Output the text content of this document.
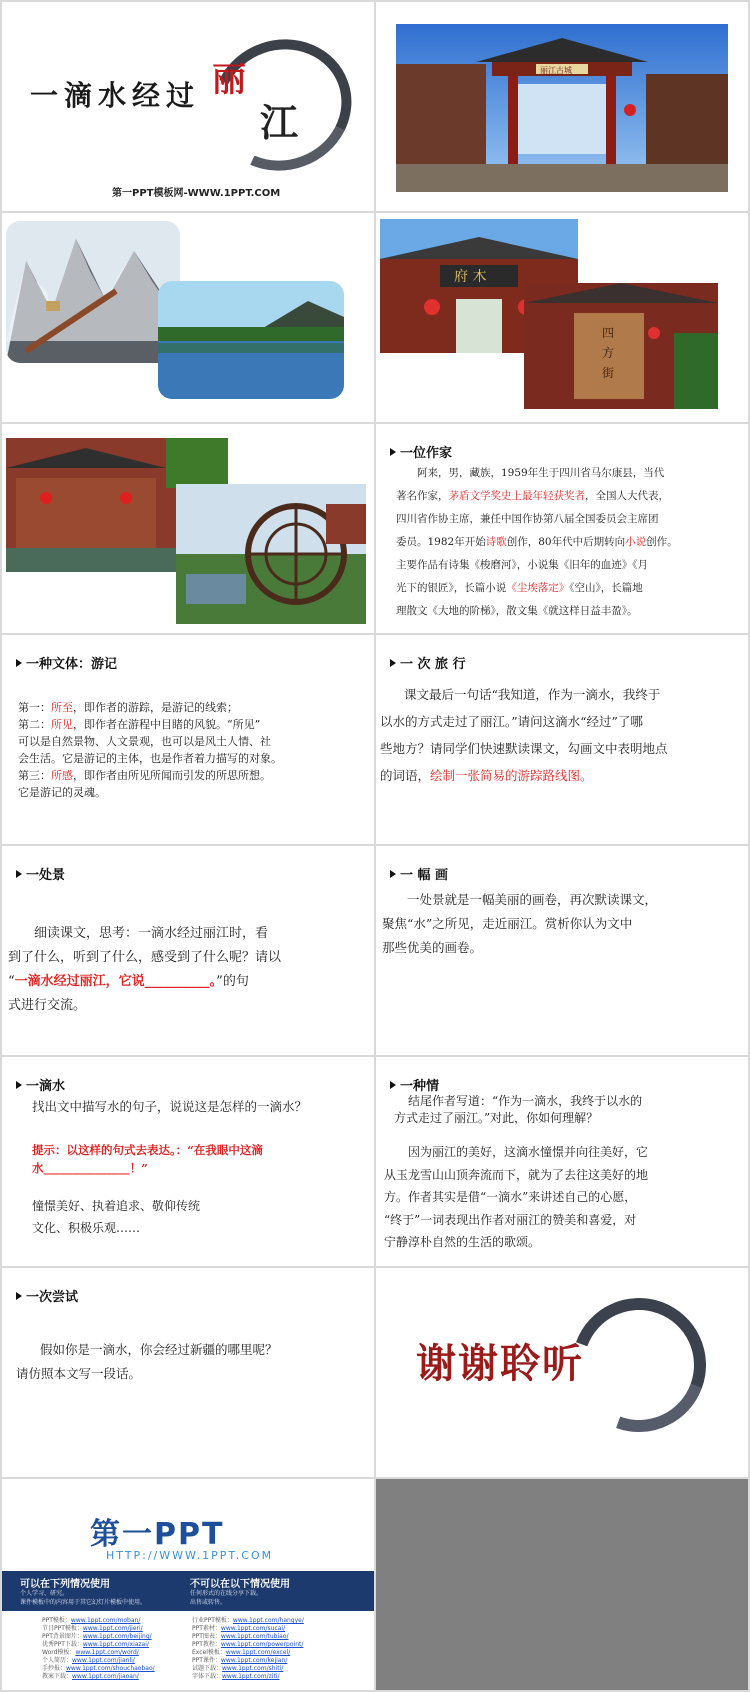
一滴水经过 丽
江
第一PPT模板网-WWW.1PPT.COM
丽江古城
府 木
四方街
一位作家
阿来，男，藏族，1959年生于四川省马尔康县，当代
著名作家，茅盾文学奖史上最年轻获奖者，全国人大代表，
四川省作协主席，兼任中国作协第八届全国委员会主席团
委员。1982年开始诗歌创作，80年代中后期转向小说创作。
主要作品有诗集《梭磨河》，小说集《旧年的血迹》《月
光下的银匠》，长篇小说《尘埃落定》《空山》，长篇地
理散文《大地的阶梯》，散文集《就这样日益丰盈》。
一种文体：游记
第一：所至，即作者的游踪，是游记的线索；
第二：所见，即作者在游程中目睹的风貌。“所见”
可以是自然景物、人文景观，也可以是风土人情、社
会生活。它是游记的主体，也是作者着力描写的对象。
第三：所感，即作者由所见所闻而引发的所思所想。
它是游记的灵魂。
一 次 旅 行
课文最后一句话“我知道，作为一滴水，我终于
以水的方式走过了丽江。”请问这滴水“经过”了哪
些地方？请同学们快速默读课文，勾画文中表明地点
的词语，绘制一张简易的游踪路线图。
一处景
细读课文，思考：一滴水经过丽江时，看
到了什么，听到了什么，感受到了什么呢？请以
“一滴水经过丽江，它说__________。”的句
式进行交流。
一 幅 画
一处景就是一幅美丽的画卷，再次默读课文，
聚焦“水”之所见，走近丽江。赏析你认为文中
那些优美的画卷。
一滴水
找出文中描写水的句子，说说这是怎样的一滴水？
提示：以这样的句式去表达。：“在我眼中这滴
水_______________！”
憧憬美好、执着追求、敬仰传统
文化、积极乐观……
一种情
结尾作者写道：“作为一滴水，我终于以水的
方式走过了丽江。”对此，你如何理解？
因为丽江的美好，这滴水憧憬并向往美好，它
从玉龙雪山山顶奔流而下，就为了去往这美好的地
方。作者其实是借“一滴水”来讲述自己的心愿，
“终于”一词表现出作者对丽江的赞美和喜爱，对
宁静淳朴自然的生活的歌颂。
一次尝试
假如你是一滴水，你会经过新疆的哪里呢？
请仿照本文写一段话。	谢谢聆听
第一PPT
HTTP://WWW.1PPT.COM
可以在下列情况使用
个人学习、研究。
课件模板中的内容用于其它幻灯片模板中使用。
不可以在以下情况使用
任何形式的在线分享下载。
出售或转售。
PPT模板：www.1ppt.com/moban/
节日PPT模板：www.1ppt.com/jieri/
PPT背景图片：www.1ppt.com/beijing/
优秀PPT下载：www.1ppt.com/xiazai/
Word模板：www.1ppt.com/word/
个人简历：www.1ppt.com/jianli/
手抄报：www.1ppt.com/shouchaobao/
教案下载：www.1ppt.com/jiaoan/
行业PPT模板：www.1ppt.com/hangye/
PPT素材：www.1ppt.com/sucai/
PPT图表：www.1ppt.com/tubiao/
PPT教程：www.1ppt.com/powerpoint/
Excel模板：www.1ppt.com/excel/
PPT课件：www.1ppt.com/kejian/
试题下载：www.1ppt.com/shiti/
字体下载：www.1ppt.com/ziti/
